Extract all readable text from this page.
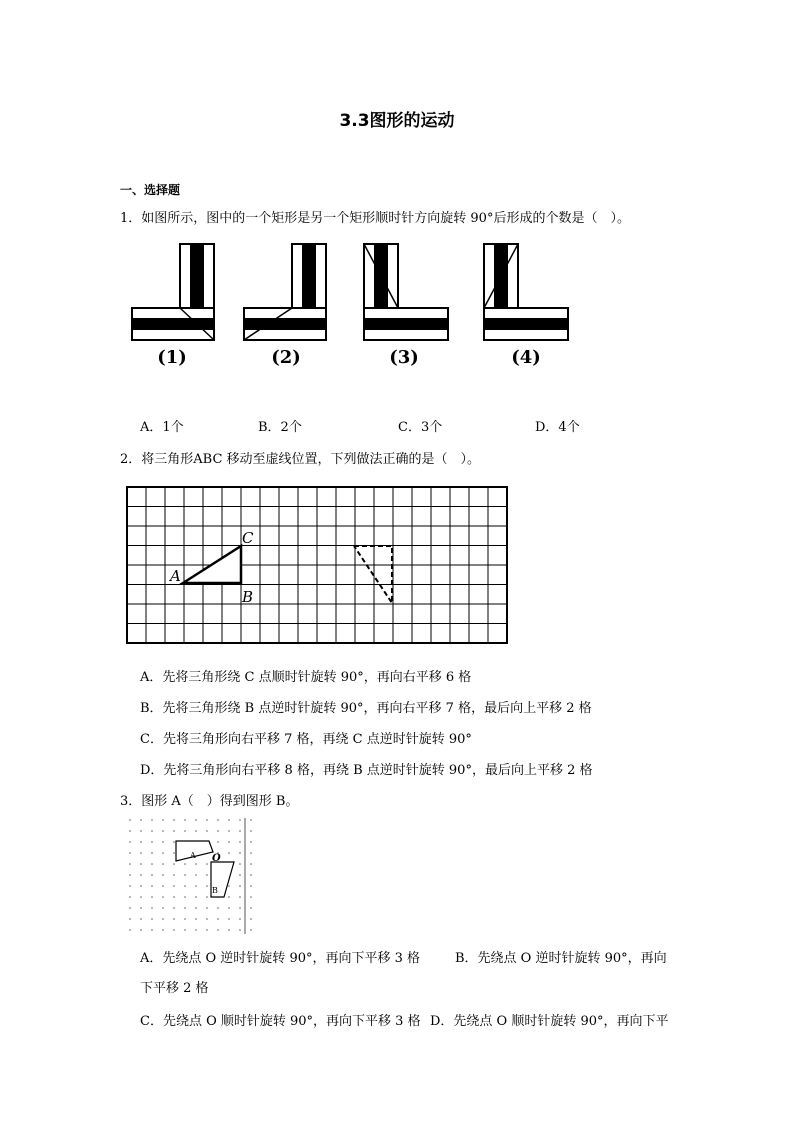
3.3图形的运动
一、选择题
1．如图所示，图中的一个矩形是另一个矩形顺时针方向旋转 90°后形成的个数是（　）。
(1)	(2)	(3)	(4)
A．1个	B．2个	C．3个	D．4个
2．将三角形ABC 移动至虚线位置，下列做法正确的是（　）。
A
B
C
A．先将三角形绕 C 点顺时针旋转 90°，再向右平移 6 格
B．先将三角形绕 B 点逆时针旋转 90°，再向右平移 7 格，最后向上平移 2 格
C．先将三角形向右平移 7 格，再绕 C 点逆时针旋转 90°
D．先将三角形向右平移 8 格，再绕 B 点逆时针旋转 90°，最后向上平移 2 格
3．图形 A（　）得到图形 B。
A
B
O
A．先绕点 O 逆时针旋转 90°，再向下平移 3 格	B．先绕点 O 逆时针旋转 90°，再向
下平移 2 格
C．先绕点 O 顺时针旋转 90°，再向下平移 3 格 D．先绕点 O 顺时针旋转 90°，再向下平
